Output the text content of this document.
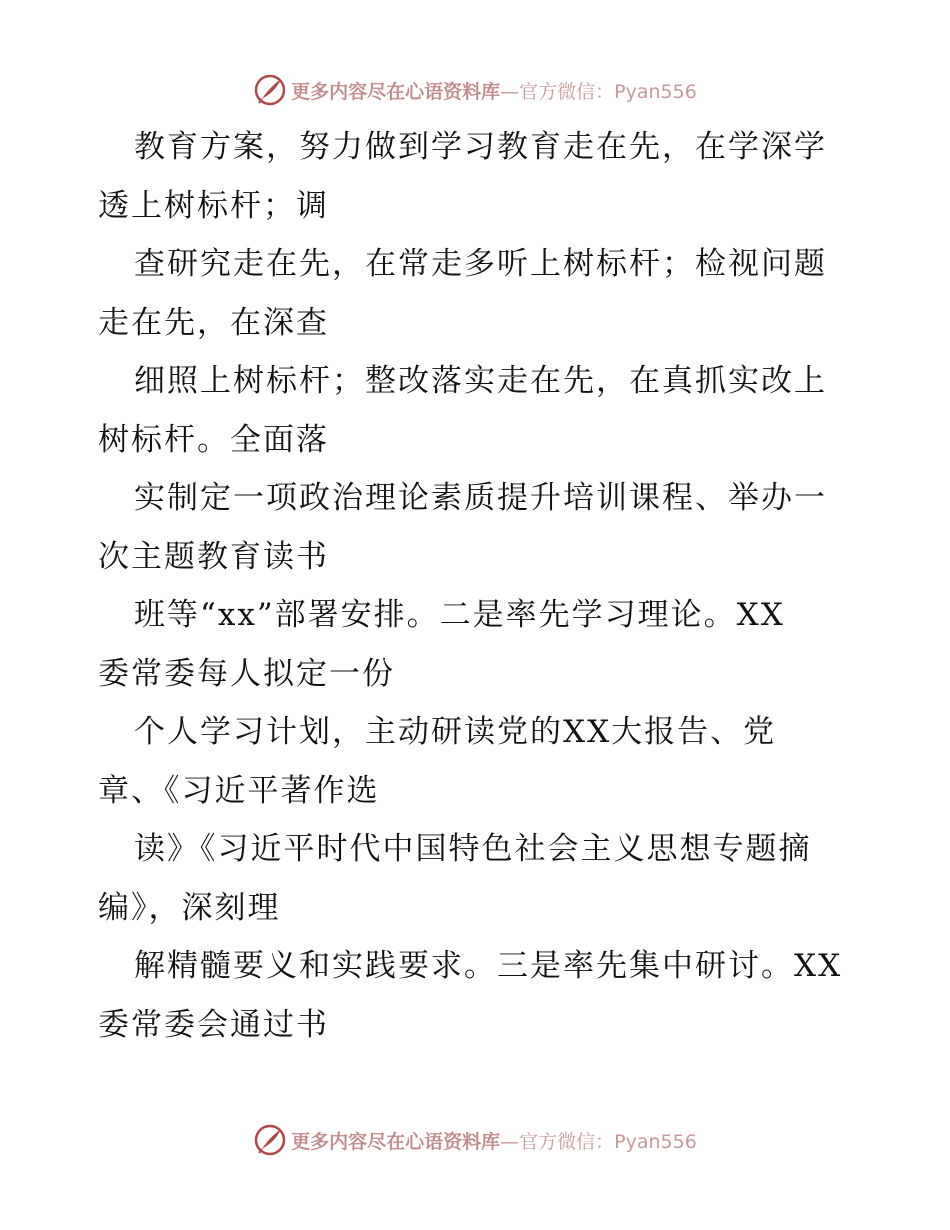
更多内容尽在心语资料库—官方微信：Pyan556
教育方案，努力做到学习教育走在先，在学深学
透上树标杆；调
查研究走在先，在常走多听上树标杆；检视问题
走在先，在深查
细照上树标杆；整改落实走在先，在真抓实改上
树标杆。全面落
实制定一项政治理论素质提升培训课程、举办一
次主题教育读书
班等“xx”部署安排。二是率先学习理论。XX
委常委每人拟定一份
个人学习计划，主动研读党的XX大报告、党
章、《习近平著作选
读》《习近平时代中国特色社会主义思想专题摘
编》，深刻理
解精髓要义和实践要求。三是率先集中研讨。XX
委常委会通过书
更多内容尽在心语资料库—官方微信：Pyan556
